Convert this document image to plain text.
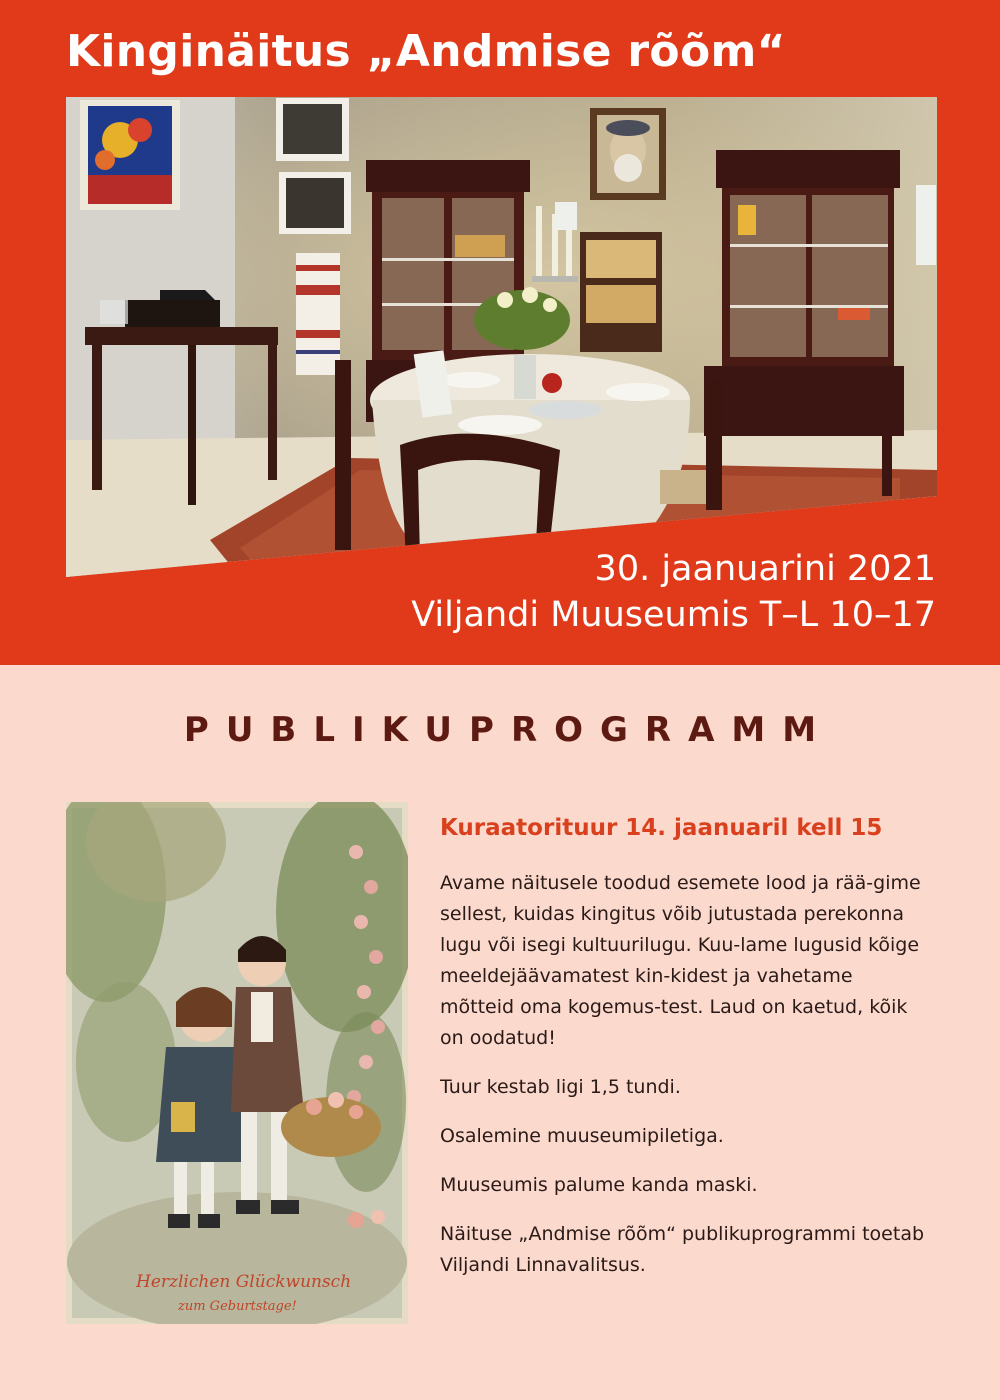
Kinginäitus „Andmise rõõm“
30. jaanuarini 2021
Viljandi Muuseumis T–L 10–17
PUBLIKUPROGRAMM
Herzlichen Glückwunsch
zum Geburtstage!
Kuraatorituur 14. jaanuaril kell 15

Avame näitusele toodud esemete lood ja rää-gime sellest, kuidas kingitus võib jutustada perekonna lugu või isegi kultuurilugu. Kuu-lame lugusid kõige meeldejäävamatest kin-kidest ja vahetame mõtteid oma kogemus-test. Laud on kaetud, kõik on oodatud!

Tuur kestab ligi 1,5 tundi.

Osalemine muuseumipiletiga.

Muuseumis palume kanda maski.

Näituse „Andmise rõõm“ publikuprogrammi toetab Viljandi Linnavalitsus.
